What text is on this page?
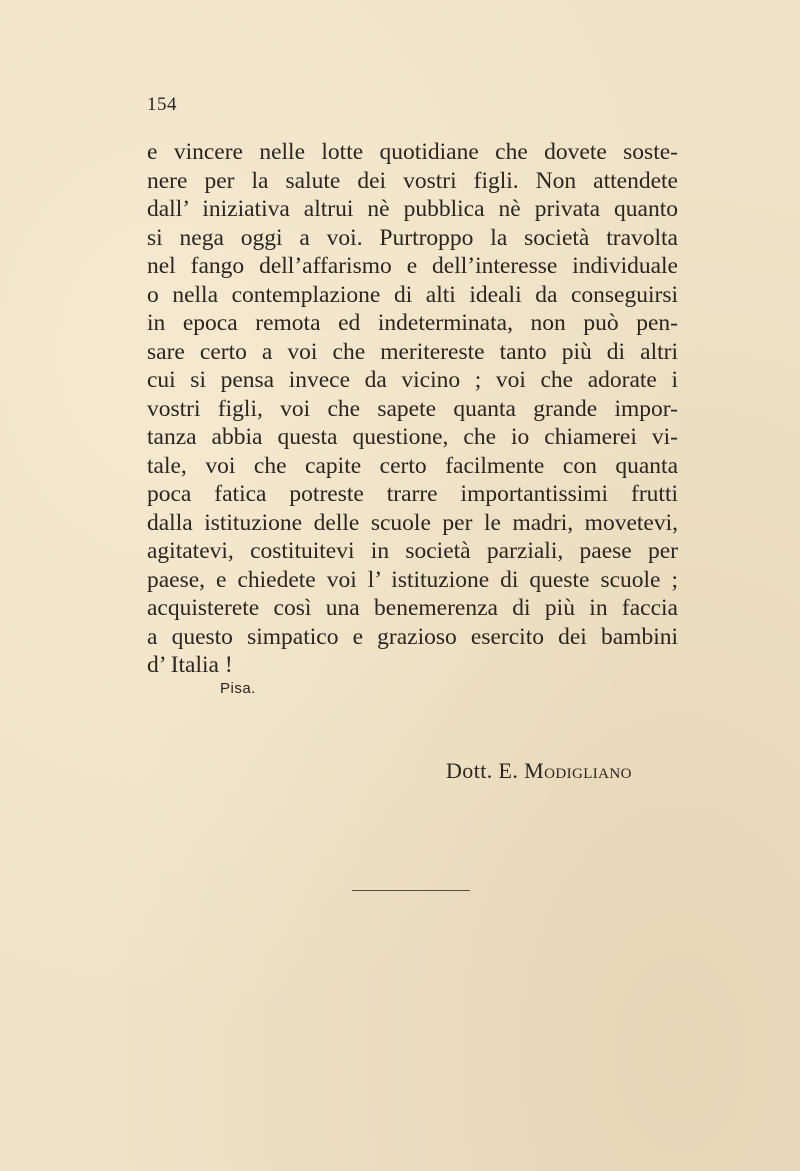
154
e vincere nelle lotte quotidiane che dovete soste-
nere per la salute dei vostri figli. Non attendete
dall’ iniziativa altrui nè pubblica nè privata quanto
si nega oggi a voi. Purtroppo la società travolta
nel fango dell’affarismo e dell’interesse individuale
o nella contemplazione di alti ideali da conseguirsi
in epoca remota ed indeterminata, non può pen-
sare certo a voi che meritereste tanto più di altri
cui si pensa invece da vicino ; voi che adorate i
vostri figli, voi che sapete quanta grande impor-
tanza abbia questa questione, che io chiamerei vi-
tale, voi che capite certo facilmente con quanta
poca fatica potreste trarre importantissimi frutti
dalla istituzione delle scuole per le madri, movetevi,
agitatevi, costituitevi in società parziali, paese per
paese, e chiedete voi l’ istituzione di queste scuole ;
acquisterete così una benemerenza di più in faccia
a questo simpatico e grazioso esercito dei bambini
d’ Italia !
Pisa.
Dott. E. Modigliano
